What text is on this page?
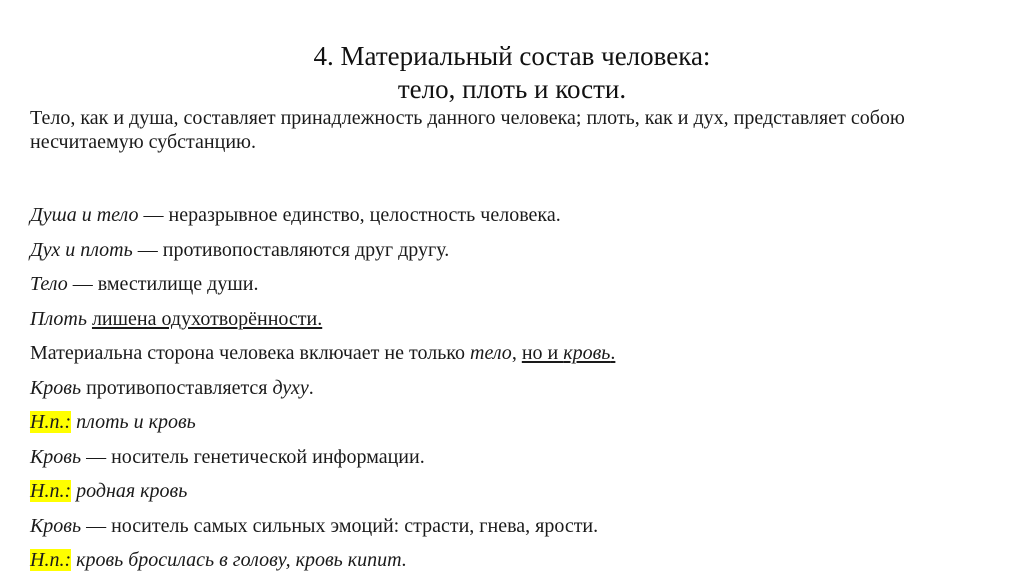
4. Материальный состав человека:
тело, плоть и кости.
Тело, как и душа, составляет принадлежность данного человека; плоть, как и дух, представляет собою несчитаемую субстанцию.
Душа и тело — неразрывное единство, целостность человека.
Дух и плоть — противопоставляются друг другу.
Тело — вместилище души.
Плоть лишена одухотворённости.
Материальна сторона человека включает не только тело, но и кровь.
Кровь противопоставляется духу.
Н.п.: плоть и кровь
Кровь — носитель генетической информации.
Н.п.: родная кровь
Кровь — носитель самых сильных эмоций: страсти, гнева, ярости.
Н.п.: кровь бросилась в голову, кровь кипит.
